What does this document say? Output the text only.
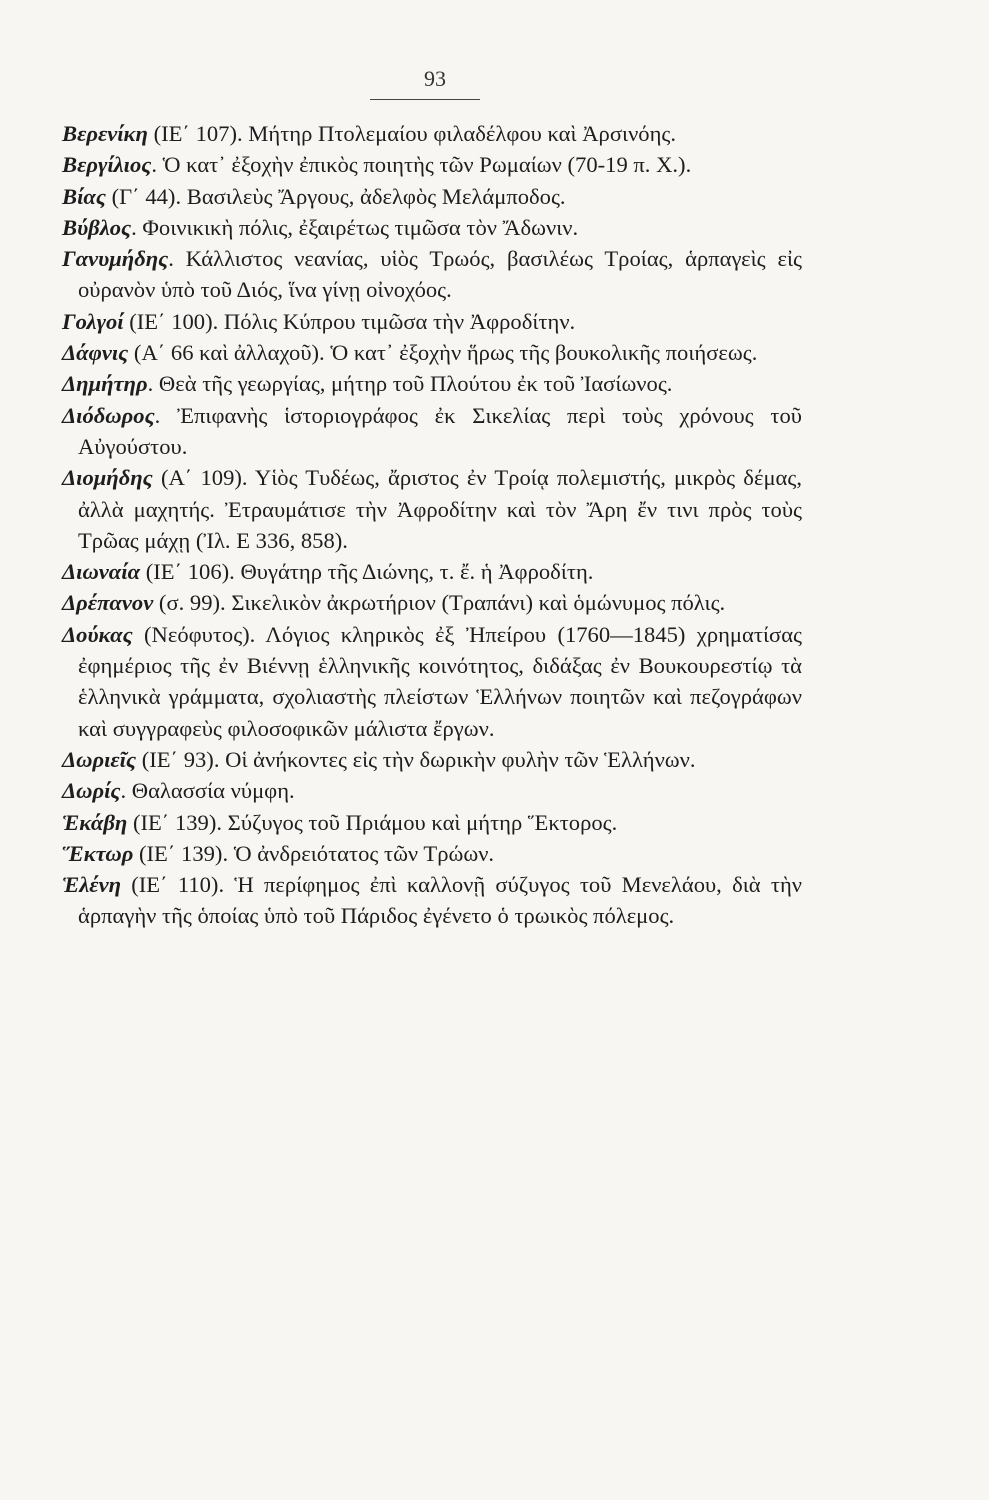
93

Βερενίκη (ΙΕ΄ 107). Μήτηρ Πτολεμαίου φιλαδέλφου καὶ Ἀρσινόης.

Βεργίλιος. Ὁ κατ᾽ ἐξοχὴν ἐπικὸς ποιητὴς τῶν Ρωμαίων (70‑19 π. Χ.).

Βίας (Γ΄ 44). Βασιλεὺς Ἄργους, ἀδελφὸς Μελάμποδος.

Βύβλος. Φοινικικὴ πόλις, ἐξαιρέτως τιμῶσα τὸν Ἄδωνιν.

Γανυμήδης. Κάλλιστος νεανίας, υἱὸς Τρωός, βασιλέως Τροίας, ἁρπαγεὶς εἰς οὐρανὸν ὑπὸ τοῦ Διός, ἵνα γίνῃ οἰνοχόος.

Γολγοί (ΙΕ΄ 100). Πόλις Κύπρου τιμῶσα τὴν Ἀφροδίτην.

Δάφνις (Α΄ 66 καὶ ἀλλαχοῦ). Ὁ κατ᾽ ἐξοχὴν ἥρως τῆς βουκολικῆς ποιήσεως.

Δημήτηρ. Θεὰ τῆς γεωργίας, μήτηρ τοῦ Πλούτου ἐκ τοῦ Ἰασίωνος.

Διόδωρος. Ἐπιφανὴς ἱστοριογράφος ἐκ Σικελίας περὶ τοὺς χρόνους τοῦ Αὐγούστου.

Διομήδης (Α΄ 109). Υἱὸς Τυδέως, ἄριστος ἐν Τροίᾳ πολεμιστής, μικρὸς δέμας, ἀλλὰ μαχητής. Ἐτραυμάτισε τὴν Ἀφροδίτην καὶ τὸν Ἄρη ἔν τινι πρὸς τοὺς Τρῶας μάχῃ (Ἰλ. Ε 336, 858).

Διωναία (ΙΕ΄ 106). Θυγάτηρ τῆς Διώνης, τ. ἔ. ἡ Ἀφροδίτη.

Δρέπανον (σ. 99). Σικελικὸν ἀκρωτήριον (Τραπάνι) καὶ ὁμώνυμος πόλις.

Δούκας (Νεόφυτος). Λόγιος κληρικὸς ἐξ Ἠπείρου (1760—1845) χρηματίσας ἐφημέριος τῆς ἐν Βιέννῃ ἑλληνικῆς κοινότητος, διδάξας ἐν Βουκουρεστίῳ τὰ ἑλληνικὰ γράμματα, σχολιαστὴς πλείστων Ἑλλήνων ποιητῶν καὶ πεζογράφων καὶ συγγραφεὺς φιλοσοφικῶν μάλιστα ἔργων.

Δωριεῖς (ΙΕ΄ 93). Οἱ ἀνήκοντες εἰς τὴν δωρικὴν φυλὴν τῶν Ἑλλήνων.

Δωρίς. Θαλασσία νύμφη.

Ἑκάβη (ΙΕ΄ 139). Σύζυγος τοῦ Πριάμου καὶ μήτηρ Ἕκτορος.

Ἕκτωρ (ΙΕ΄ 139). Ὁ ἀνδρειότατος τῶν Τρώων.

Ἑλένη (ΙΕ΄ 110). Ἡ περίφημος ἐπὶ καλλονῇ σύζυγος τοῦ Μενελάου, διὰ τὴν ἁρπαγὴν τῆς ὁποίας ὑπὸ τοῦ Πάριδος ἐγένετο ὁ τρωικὸς πόλεμος.
